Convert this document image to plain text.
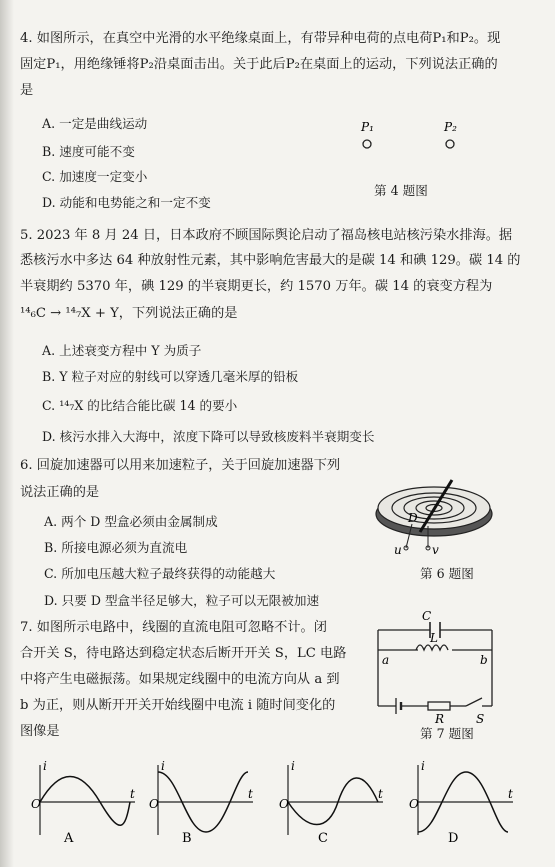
4. 如图所示，在真空中光滑的水平绝缘桌面上，有带异种电荷的点电荷P₁和P₂。现
固定P₁，用绝缘锤将P₂沿桌面击出。关于此后P₂在桌面上的运动，下列说法正确的
是
A. 一定是曲线运动
B. 速度可能不变
C. 加速度一定变小
D. 动能和电势能之和一定不变
P₁	P₂
第 4 题图
5. 2023 年 8 月 24 日，日本政府不顾国际舆论启动了福岛核电站核污染水排海。据
悉核污水中多达 64 种放射性元素，其中影响危害最大的是碳 14 和碘 129。碳 14 的
半衰期约 5370 年，碘 129 的半衰期更长，约 1570 万年。碳 14 的衰变方程为
¹⁴₆C → ¹⁴₇X + Y，下列说法正确的是
A. 上述衰变方程中 Y 为质子
B. Y 粒子对应的射线可以穿透几毫米厚的铅板
C. ¹⁴₇X 的比结合能比碳 14 的要小
D. 核污水排入大海中，浓度下降可以导致核废料半衰期变长
6. 回旋加速器可以用来加速粒子，关于回旋加速器下列
说法正确的是
A. 两个 D 型盒必须由金属制成
B. 所接电源必须为直流电
C. 所加电压越大粒子最终获得的动能越大
D. 只要 D 型盒半径足够大，粒子可以无限被加速
D
u	v
第 6 题图
7. 如图所示电路中，线圈的直流电阻可忽略不计。闭
合开关 S，待电路达到稳定状态后断开开关 S，LC 电路
中将产生电磁振荡。如果规定线圈中的电流方向从 a 到
b 为正，则从断开开关开始线圈中电流 i 随时间变化的
图像是
C
L
a	b
R	S
第 7 题图
i
t
O
A
i
t
O
B
i
t
O
C
i
t
O
D
